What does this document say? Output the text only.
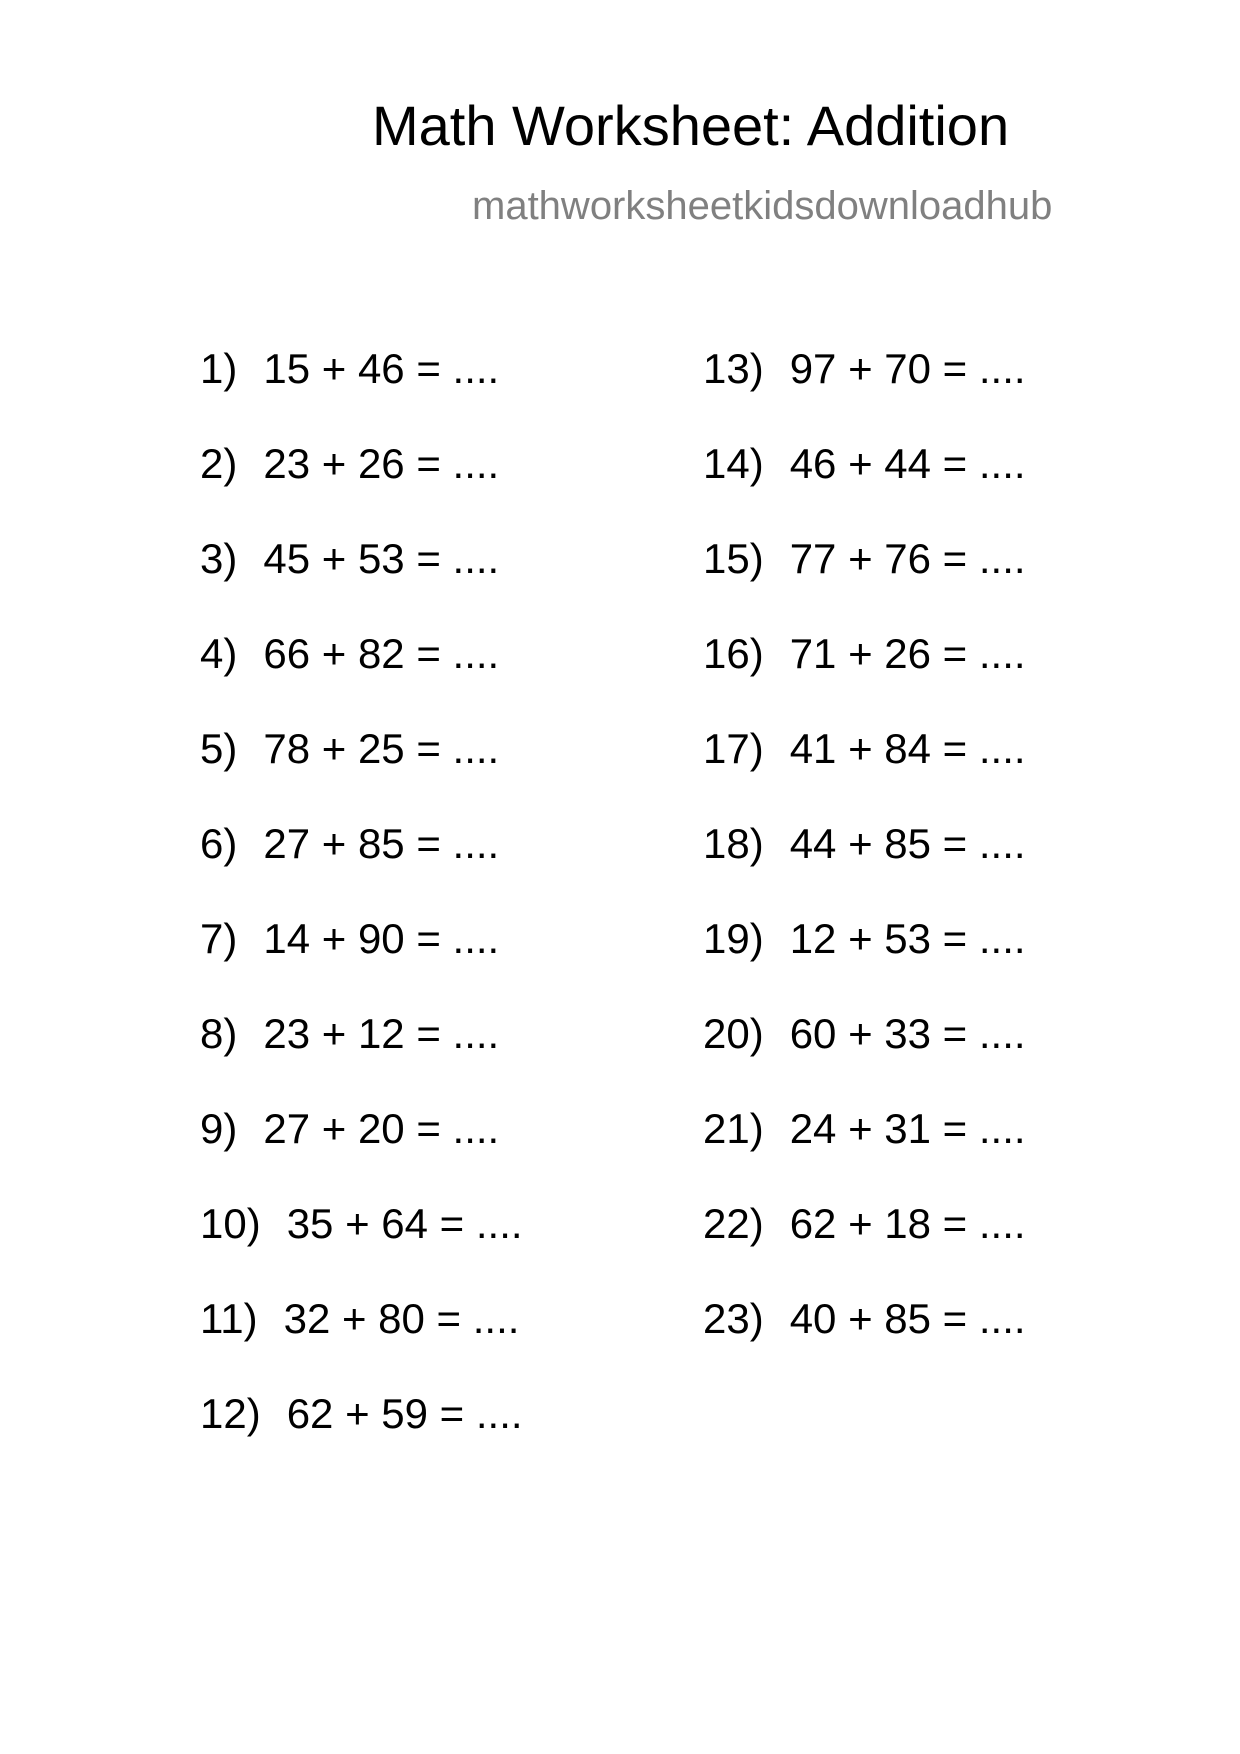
Math Worksheet: Addition
mathworksheetkidsdownloadhub
1) 15 + 46 = ....
2) 23 + 26 = ....
3) 45 + 53 = ....
4) 66 + 82 = ....
5) 78 + 25 = ....
6) 27 + 85 = ....
7) 14 + 90 = ....
8) 23 + 12 = ....
9) 27 + 20 = ....
10) 35 + 64 = ....
11) 32 + 80 = ....
12) 62 + 59 = ....
13) 97 + 70 = ....
14) 46 + 44 = ....
15) 77 + 76 = ....
16) 71 + 26 = ....
17) 41 + 84 = ....
18) 44 + 85 = ....
19) 12 + 53 = ....
20) 60 + 33 = ....
21) 24 + 31 = ....
22) 62 + 18 = ....
23) 40 + 85 = ....
